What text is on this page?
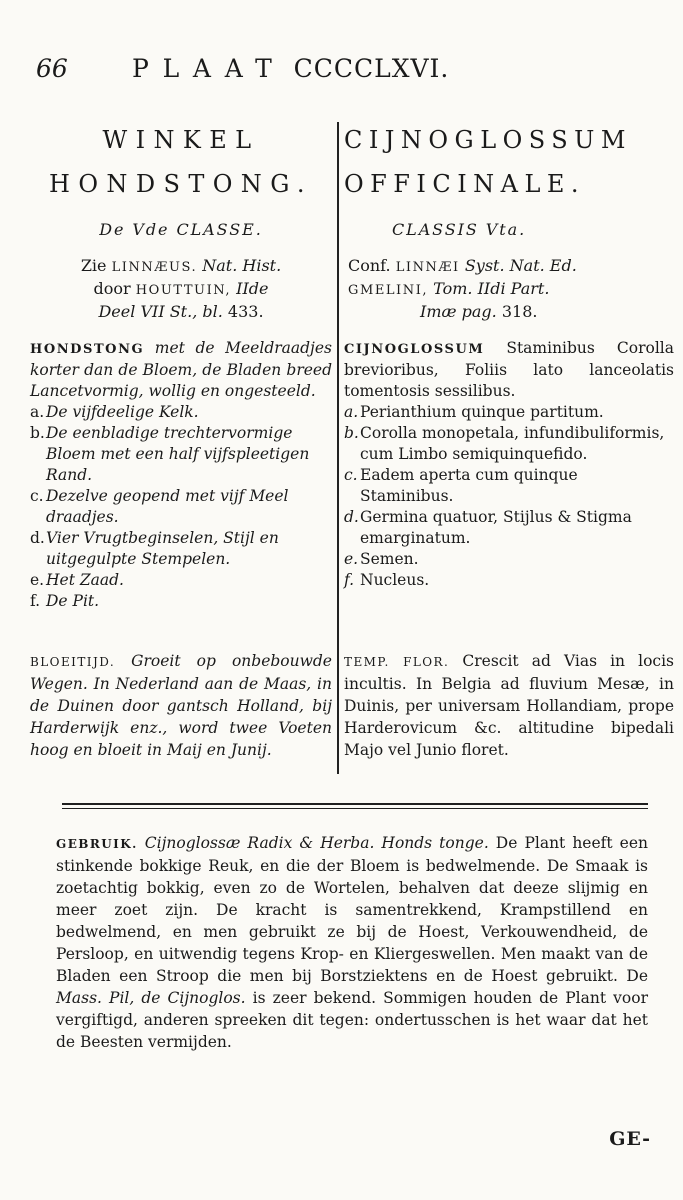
66	PLAAT CCCCLXVI.
WINKEL
HONDSTONG.
De Vde CLASSE.
Zie LINNÆUS. Nat. Hist.
door HOUTTUIN, IIde
Deel VII St., bl. 433.
HONDSTONG met de Meeldraadjes korter dan de Bloem, de Bladen breed Lancetvormig, wollig en ongesteeld.
a. De vijfdeelige Kelk.
b. De eenbladige trechtervormige Bloem met een half vijfspleetigen Rand.
c. Dezelve geopend met vijf Meel draadjes.
d. Vier Vrugtbeginselen, Stijl en uitgegulpte Stempelen.
e. Het Zaad.
f. De Pit.
CIJNOGLOSSUM
OFFICINALE.
CLASSIS Vta.
Conf. LINNÆI Syst. Nat. Ed.
GMELINI, Tom. IIdi Part.
Imæ pag. 318.
CIJNOGLOSSUM Staminibus Corolla brevioribus, Foliis lato lanceolatis tomentosis sessilibus.
a. Perianthium quinque partitum.
b. Corolla monopetala, infundibuliformis, cum Limbo semiquinquefido.
c. Eadem aperta cum quinque Staminibus.
d. Germina quatuor, Stijlus & Stigma emarginatum.
e. Semen.
f. Nucleus.
BLOEITIJD. Groeit op onbebouwde Wegen. In Nederland aan de Maas, in de Duinen door gantsch Holland, bij Harderwijk enz., word twee Voeten hoog en bloeit in Maij en Junij.
TEMP. FLOR. Crescit ad Vias in locis incultis. In Belgia ad fluvium Mesæ, in Duinis, per universam Hollandiam, prope Harderovicum &c. altitudine bipedali Majo vel Junio floret.
GEBRUIK. Cijnoglossæ Radix & Herba. Honds tonge. De Plant heeft een stinkende bokkige Reuk, en die der Bloem is bedwelmende. De Smaak is zoetachtig bokkig, even zo de Wortelen, behalven dat deeze slijmig en meer zoet zijn. De kracht is samentrekkend, Krampstillend en bedwelmend, en men gebruikt ze bij de Hoest, Verkouwendheid, de Persloop, en uitwendig tegens Krop- en Kliergeswellen. Men maakt van de Bladen een Stroop die men bij Borstziektens en de Hoest gebruikt. De Mass. Pil, de Cijnoglos. is zeer bekend. Sommigen houden de Plant voor vergiftigd, anderen spreeken dit tegen: ondertusschen is het waar dat het de Beesten vermijden.
GE-
